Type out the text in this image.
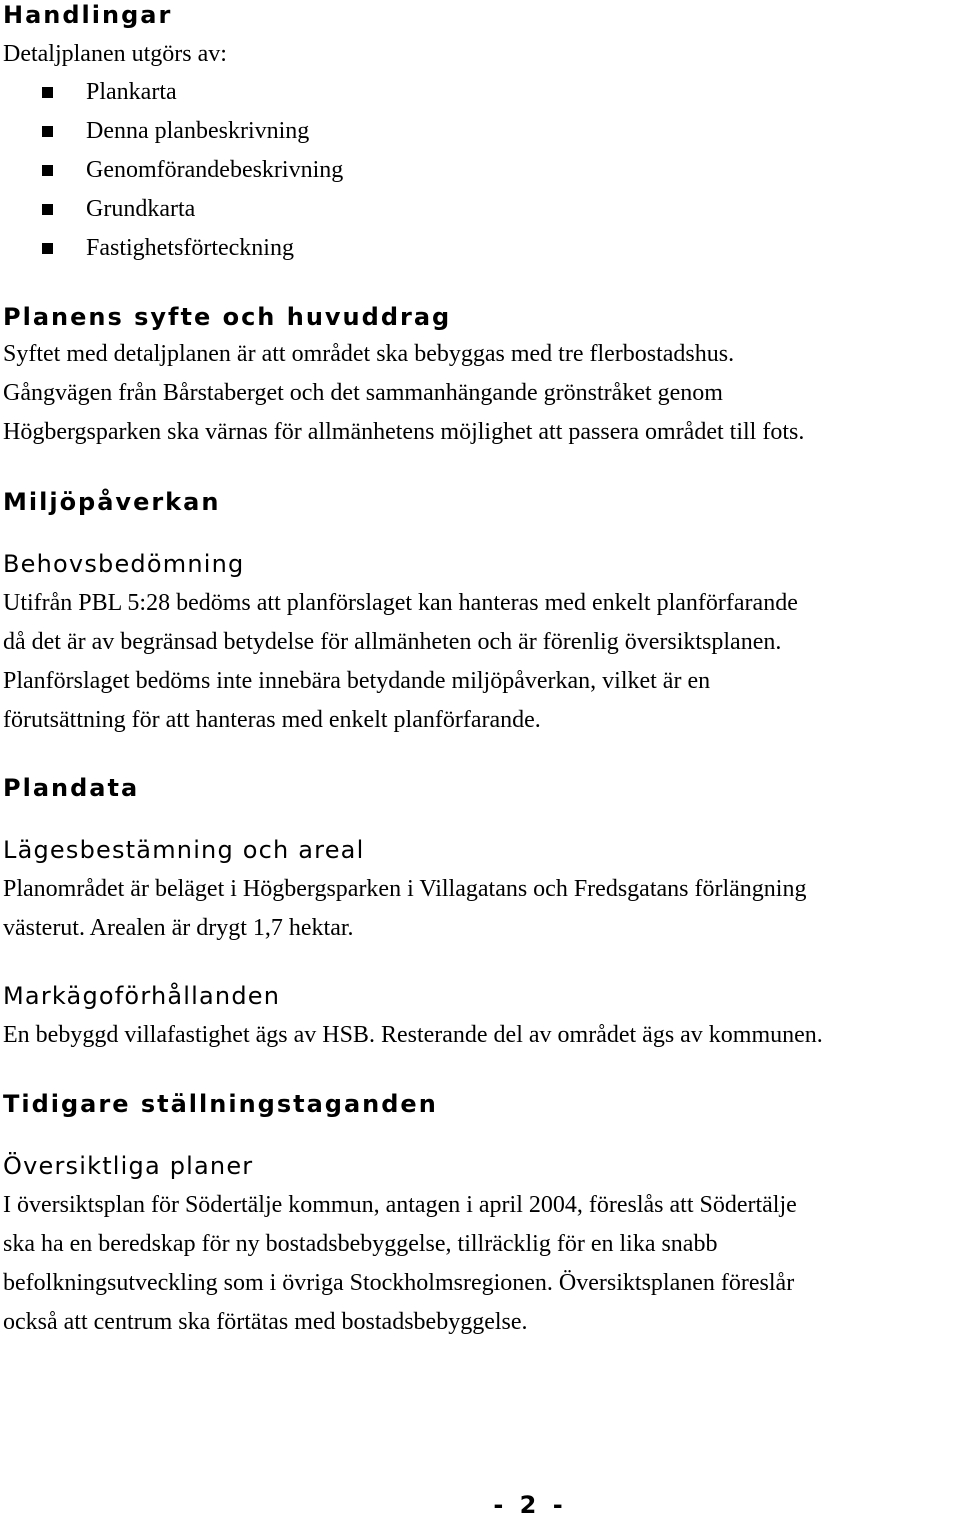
Handlingar

Detaljplanen utgörs av:

Plankarta
Denna planbeskrivning
Genomförandebeskrivning
Grundkarta
Fastighetsförteckning
Planens syfte och huvuddrag

Syftet med detaljplanen är att området ska bebyggas med tre flerbostadshus.
Gångvägen från Bårstaberget och det sammanhängande grönstråket genom
Högbergsparken ska värnas för allmänhetens möjlighet att passera området till fots.

Miljöpåverkan
Behovsbedömning

Utifrån PBL 5:28 bedöms att planförslaget kan hanteras med enkelt planförfarande
då det är av begränsad betydelse för allmänheten och är förenlig översiktsplanen.
Planförslaget bedöms inte innebära betydande miljöpåverkan, vilket är en
förutsättning för att hanteras med enkelt planförfarande.

Plandata
Lägesbestämning och areal

Planområdet är beläget i Högbergsparken i Villagatans och Fredsgatans förlängning
västerut. Arealen är drygt 1,7 hektar.

Markägoförhållanden

En bebyggd villafastighet ägs av HSB. Resterande del av området ägs av kommunen.

Tidigare ställningstaganden
Översiktliga planer

I översiktsplan för Södertälje kommun, antagen i april 2004, föreslås att Södertälje
ska ha en beredskap för ny bostadsbebyggelse, tillräcklig för en lika snabb
befolkningsutveckling som i övriga Stockholmsregionen. Översiktsplanen föreslår
också att centrum ska förtätas med bostadsbebyggelse.

- 2 -
